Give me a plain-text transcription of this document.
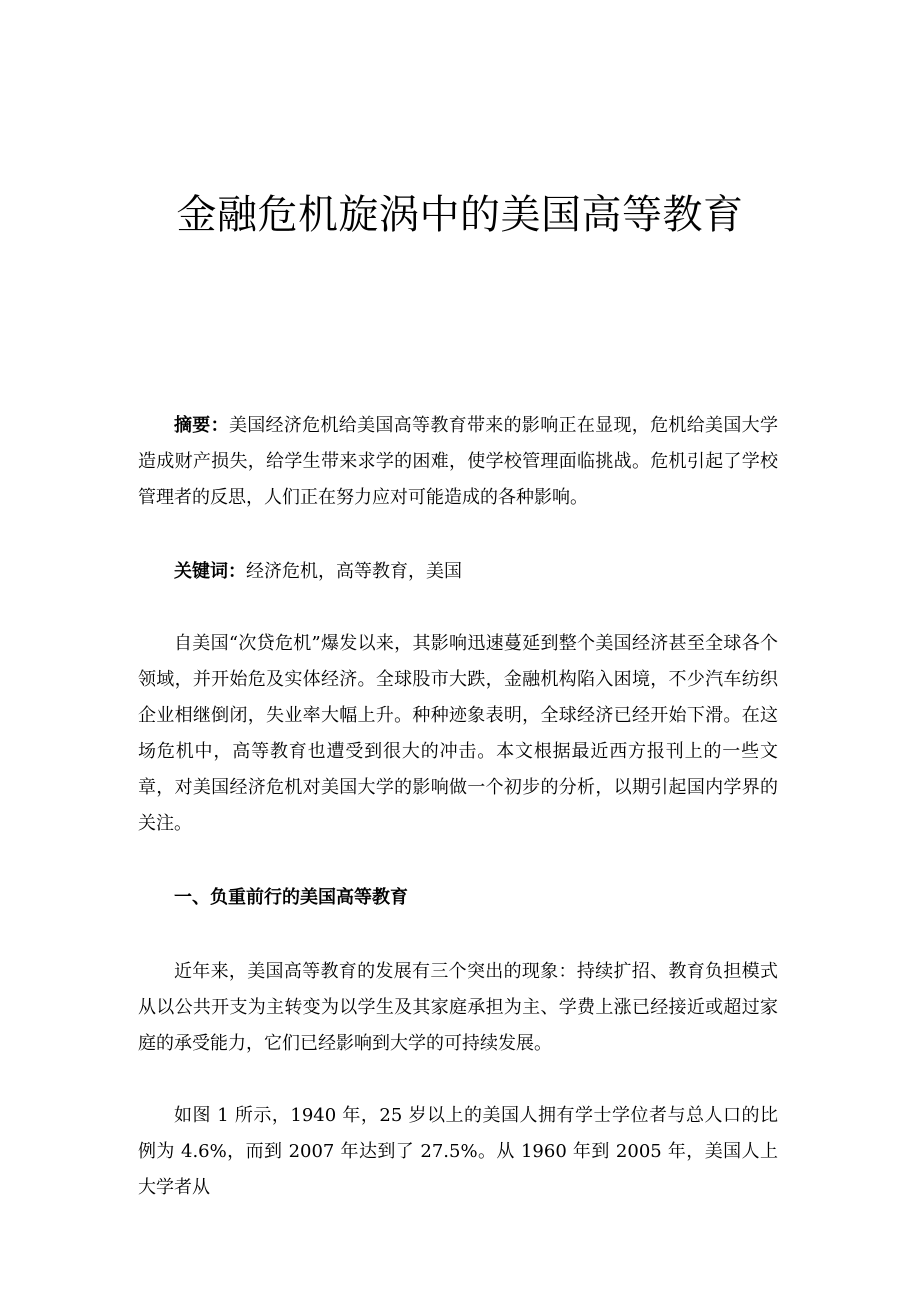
金融危机旋涡中的美国高等教育

摘要：美国经济危机给美国高等教育带来的影响正在显现，危机给美国大学造成财产损失，给学生带来求学的困难，使学校管理面临挑战。危机引起了学校管理者的反思，人们正在努力应对可能造成的各种影响。

关键词：经济危机，高等教育，美国

自美国“次贷危机”爆发以来，其影响迅速蔓延到整个美国经济甚至全球各个领域，并开始危及实体经济。全球股市大跌，金融机构陷入困境，不少汽车纺织企业相继倒闭，失业率大幅上升。种种迹象表明，全球经济已经开始下滑。在这场危机中，高等教育也遭受到很大的冲击。本文根据最近西方报刊上的一些文章，对美国经济危机对美国大学的影响做一个初步的分析，以期引起国内学界的关注。

一、负重前行的美国高等教育

近年来，美国高等教育的发展有三个突出的现象：持续扩招、教育负担模式从以公共开支为主转变为以学生及其家庭承担为主、学费上涨已经接近或超过家庭的承受能力，它们已经影响到大学的可持续发展。

如图 1 所示，1940 年，25 岁以上的美国人拥有学士学位者与总人口的比例为 4.6%，而到 2007 年达到了 27.5%。从 1960 年到 2005 年，美国人上大学者从
